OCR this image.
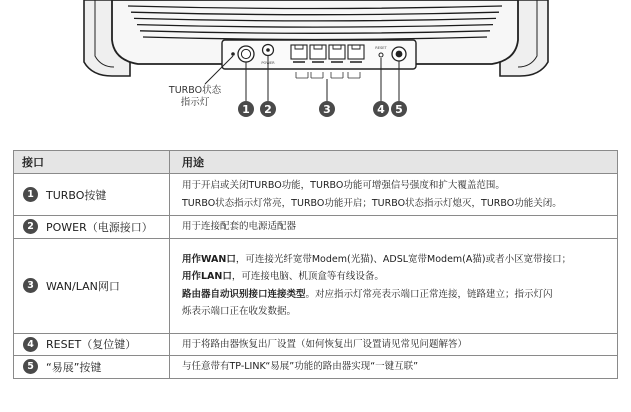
POWER
RESET
1 2	3	4 5
TURBO状态
指示灯
接口	用途
1 TURBO按键	用于开启或关闭TURBO功能，TURBO功能可增强信号强度和扩大覆盖范围。

TURBO状态指示灯常亮，TURBO功能开启；TURBO状态指示灯熄灭，TURBO功能关闭。

2 POWER（电源接口）	用于连接配套的电源适配器

3 WAN/LAN网口	用作WAN口，可连接光纤宽带Modem(光猫)、ADSL宽带Modem(A猫)或者小区宽带接口；

用作LAN口，可连接电脑、机顶盒等有线设备。

路由器自动识别接口连接类型。对应指示灯常亮表示端口正常连接，链路建立；指示灯闪

烁表示端口正在收发数据。

4 RESET（复位键）	用于将路由器恢复出厂设置（如何恢复出厂设置请见常见问题解答）

5 “易展”按键	与任意带有TP-LINK“易展”功能的路由器实现“一键互联”
